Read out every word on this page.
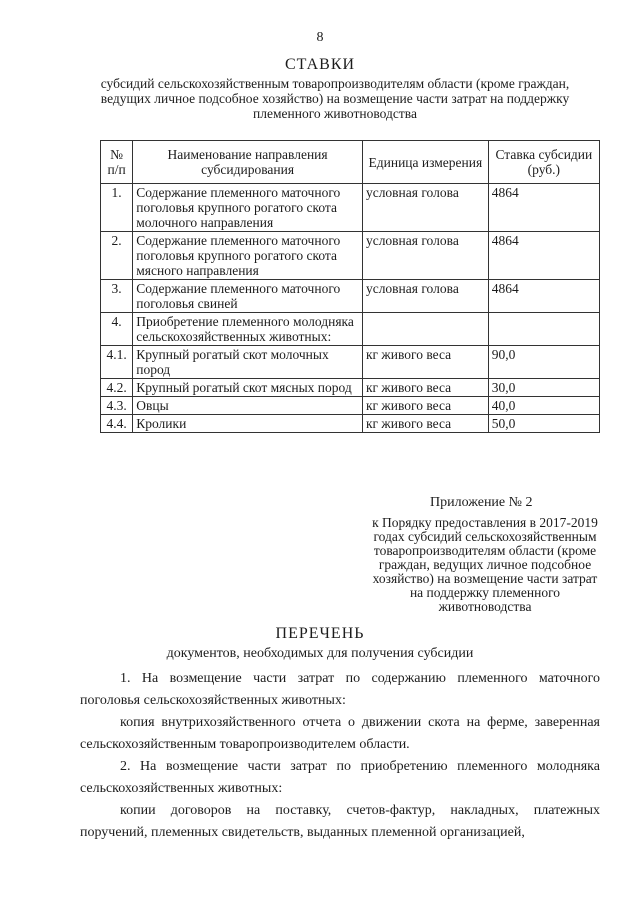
8
СТАВКИ
субсидий сельскохозяйственным товаропроизводителям области (кроме граждан, ведущих личное подсобное хозяйство) на возмещение части затрат на поддержку племенного животноводства
№ п/п	Наименование направления субсидирования	Единица измерения	Ставка субсидии (руб.)
1.	Содержание племенного маточного поголовья крупного рогатого скота молочного направления	условная голова	4864
2.	Содержание племенного маточного поголовья крупного рогатого скота мясного направления	условная голова	4864
3.	Содержание племенного маточного поголовья свиней	условная голова	4864
4.	Приобретение племенного молодняка сельскохозяйственных животных:		
4.1.	Крупный рогатый скот молочных пород	кг живого веса	90,0
4.2.	Крупный рогатый скот мясных пород	кг живого веса	30,0
4.3.	Овцы	кг живого веса	40,0
4.4.	Кролики	кг живого веса	50,0
Приложение № 2
к Порядку предоставления в 2017-2019 годах субсидий сельскохозяйственным товаропроизводителям области (кроме граждан, ведущих личное подсобное хозяйство) на возмещение части затрат на поддержку племенного животноводства
ПЕРЕЧЕНЬ
документов, необходимых для получения субсидии

1. На возмещение части затрат по содержанию племенного маточного поголовья сельскохозяйственных животных:

копия внутрихозяйственного отчета о движении скота на ферме, заверенная сельскохозяйственным товаропроизводителем области.

2. На возмещение части затрат по приобретению племенного молодняка сельскохозяйственных животных:

копии договоров на поставку, счетов-фактур, накладных, платежных поручений, племенных свидетельств, выданных племенной организацией,
